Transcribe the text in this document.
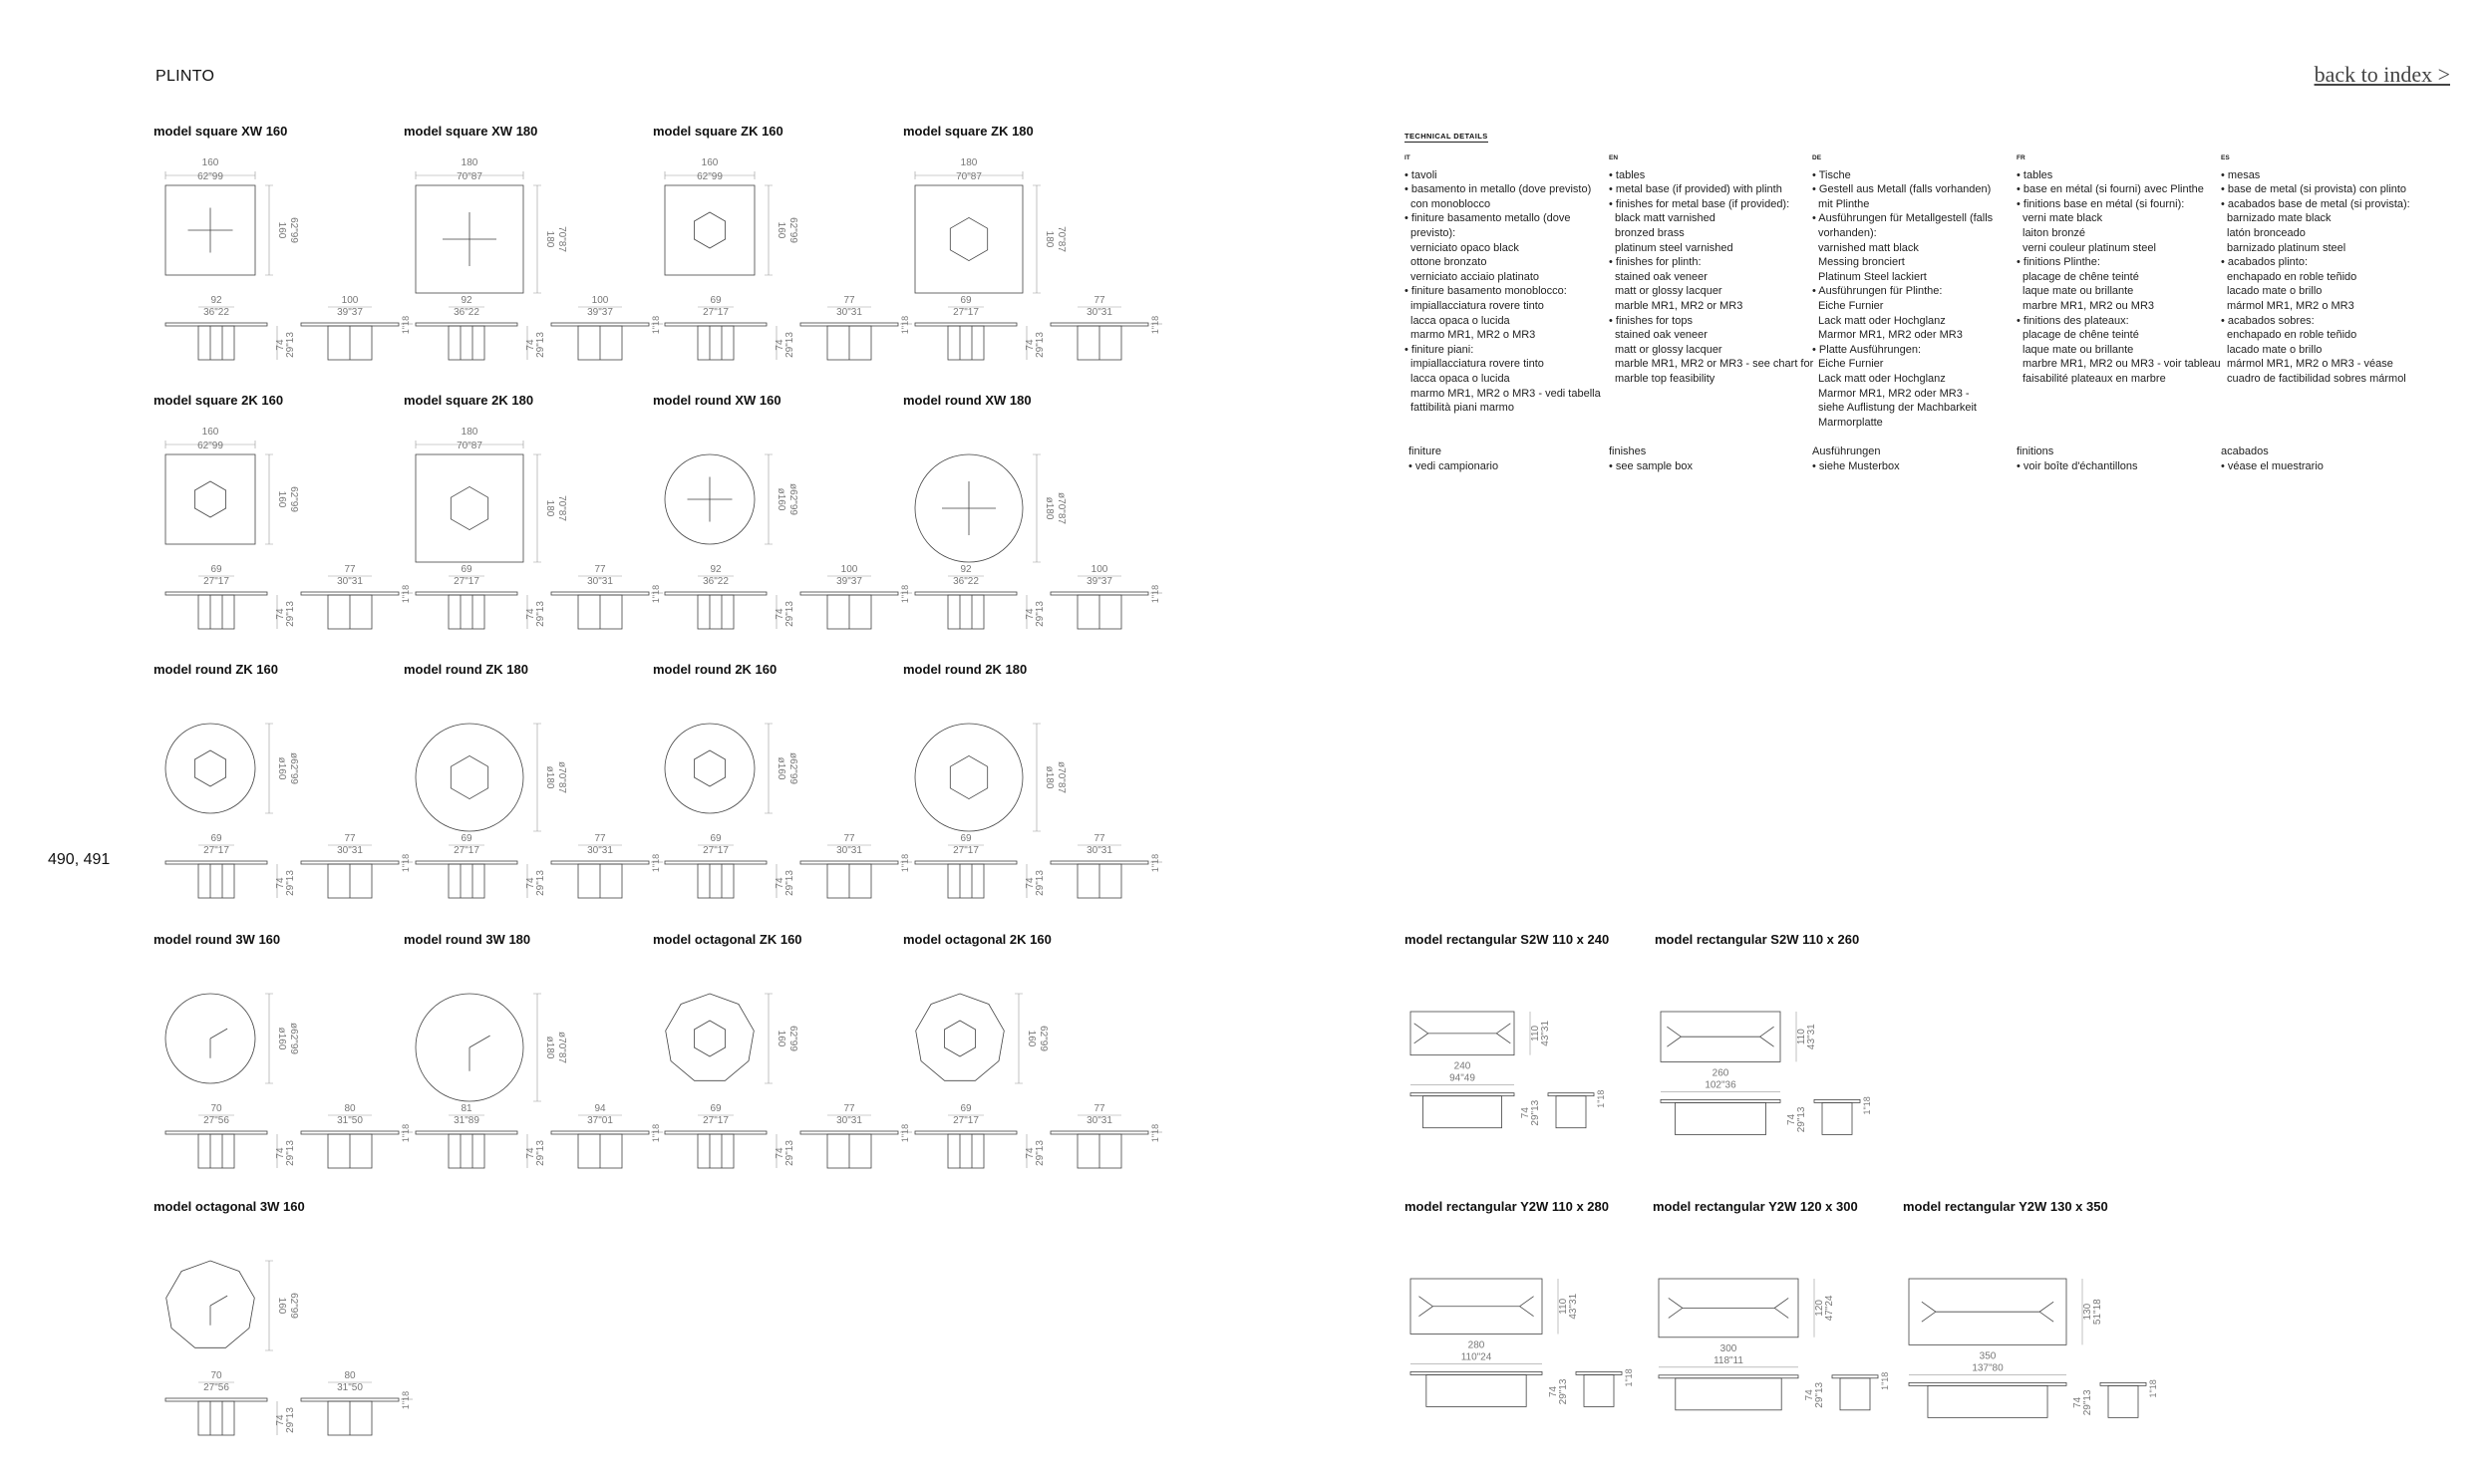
PLINTO	back to index >
490, 491
TECHNICAL DETAILS
IT
• tavoli
• basamento in metallo (dove previsto)
con monoblocco
• finiture basamento metallo (dove
previsto):
verniciato opaco black
ottone bronzato
verniciato acciaio platinato
• finiture basamento monoblocco:
impiallacciatura rovere tinto
lacca opaca o lucida
marmo MR1, MR2 o MR3
• finiture piani:
impiallacciatura rovere tinto
lacca opaca o lucida
marmo MR1, MR2 o MR3 - vedi tabella
fattibilità piani marmo
finiture
• vedi campionario
EN
• tables
• metal base (if provided) with plinth
• finishes for metal base (if provided):
black matt varnished
bronzed brass
platinum steel varnished
• finishes for plinth:
stained oak veneer
matt or glossy lacquer
marble MR1, MR2 or MR3
• finishes for tops
stained oak veneer
matt or glossy lacquer
marble MR1, MR2 or MR3 - see chart for
marble top feasibility
finishes
• see sample box
DE
• Tische
• Gestell aus Metall (falls vorhanden)
mit Plinthe
• Ausführungen für Metallgestell (falls
vorhanden):
varnished matt black
Messing bronciert
Platinum Steel lackiert
• Ausführungen für Plinthe:
Eiche Furnier
Lack matt oder Hochglanz
Marmor MR1, MR2 oder MR3
• Platte Ausführungen:
Eiche Furnier
Lack matt oder Hochglanz
Marmor MR1, MR2 oder MR3 -
siehe Auflistung der Machbarkeit
Marmorplatte
Ausführungen
• siehe Musterbox
FR
• tables
• base en métal (si fourni) avec Plinthe
• finitions base en métal (si fourni):
verni mate black
laiton bronzé
verni couleur platinum steel
• finitions Plinthe:
placage de chêne teinté
laque mate ou brillante
marbre MR1, MR2 ou MR3
• finitions des plateaux:
placage de chêne teinté
laque mate ou brillante
marbre MR1, MR2 ou MR3 - voir tableau
faisabilité plateaux en marbre
finitions
• voir boîte d'échantillons
ES
• mesas
• base de metal (si provista) con plinto
• acabados base de metal (si provista):
barnizado mate black
latón bronceado
barnizado platinum steel
• acabados plinto:
enchapado en roble teñido
lacado mate o brillo
mármol MR1, MR2 o MR3
• acabados sobres:
enchapado en roble teñido
lacado mate o brillo
mármol MR1, MR2 o MR3 - véase
cuadro de factibilidad sobres mármol
acabados
• véase el muestrario
model square XW 160
160
62"99
160 62"99
92
36"22
74 29"13
100
39"37
1"18
model square XW 180
180
70"87
180 70"87
92
36"22
74 29"13
100
39"37
1"18
model square ZK 160
160
62"99
160 62"99
69
27"17
74 29"13
77
30"31
1"18
model square ZK 180
180
70"87
180 70"87
69
27"17
74 29"13
77
30"31
1"18
model square 2K 160
160
62"99
160 62"99
69
27"17
74 29"13
77
30"31
1"18
model square 2K 180
180
70"87
180 70"87
69
27"17
74 29"13
77
30"31
1"18
model round XW 160
ø160 ø62"99
92
36"22
74 29"13
100
39"37
1"18
model round XW 180
ø180 ø70"87
92
36"22
74 29"13
100
39"37
1"18
model round ZK 160
ø160 ø62"99
69
27"17
74 29"13
77
30"31
1"18
model round ZK 180
ø180 ø70"87
69
27"17
74 29"13
77
30"31
1"18
model round 2K 160
ø160 ø62"99
69
27"17
74 29"13
77
30"31
1"18
model round 2K 180
ø180 ø70"87
69
27"17
74 29"13
77
30"31
1"18
model round 3W 160
ø160 ø62"99
70
27"56
74 29"13
80
31"50
1"18
model round 3W 180
ø180 ø70"87
81
31"89
74 29"13
94
37"01
1"18
model octagonal ZK 160
160 62"99
69
27"17
74 29"13
77
30"31
1"18
model octagonal 2K 160
160 62"99
69
27"17
74 29"13
77
30"31
1"18
model octagonal 3W 160
160 62"99
70
27"56
74 29"13
80
31"50
1"18
model rectangular S2W 110 x 240
110 43"31
240
94"49
74 29"13
1"18
model rectangular S2W 110 x 260
110 43"31
260
102"36
74 29"13
1"18
model rectangular Y2W 110 x 280
110 43"31
280
110"24
74 29"13
1"18
model rectangular Y2W 120 x 300
120 47"24
300
118"11
74 29"13
1"18
model rectangular Y2W 130 x 350
130 51"18
350
137"80
74 29"13
1"18
